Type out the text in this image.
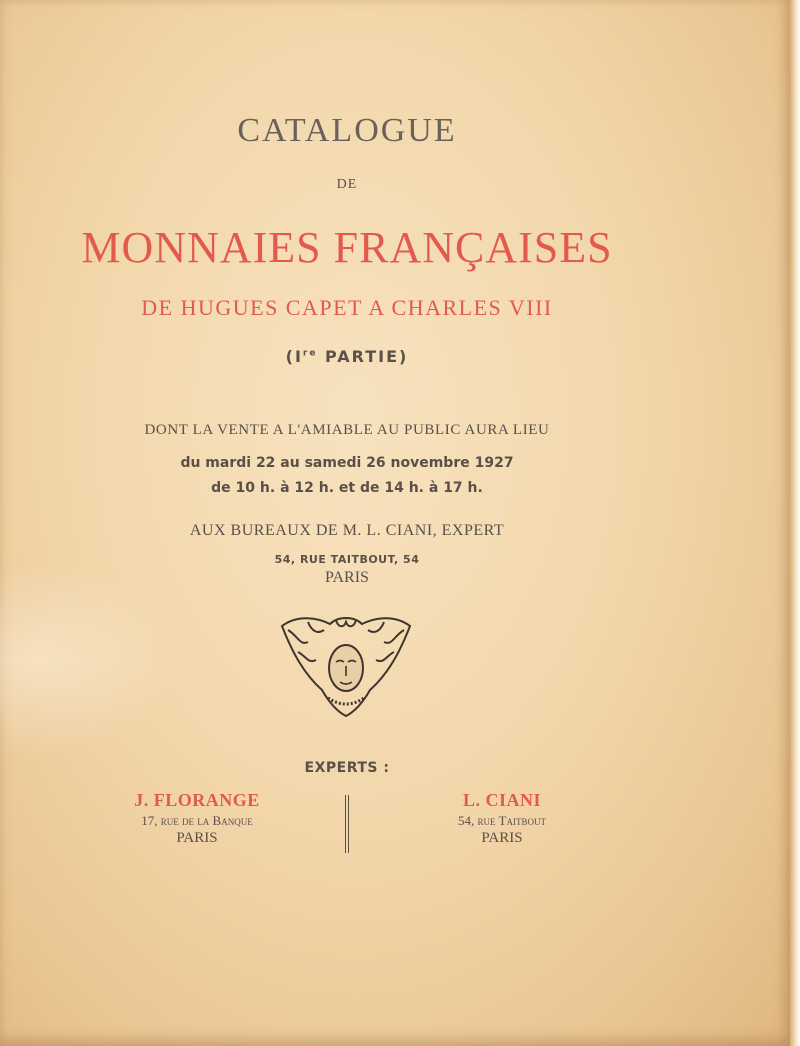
CATALOGUE
DE
MONNAIES FRANÇAISES
DE HUGUES CAPET A CHARLES VIII
(Ire PARTIE)
DONT LA VENTE A L'AMIABLE AU PUBLIC AURA LIEU
du mardi 22 au samedi 26 novembre 1927
de 10 h. à 12 h. et de 14 h. à 17 h.
AUX BUREAUX DE M. L. CIANI, EXPERT
54, RUE TAITBOUT, 54
PARIS
EXPERTS :
J. FLORANGE
17, rue de la Banque
PARIS
L. CIANI
54, rue Taitbout
PARIS
